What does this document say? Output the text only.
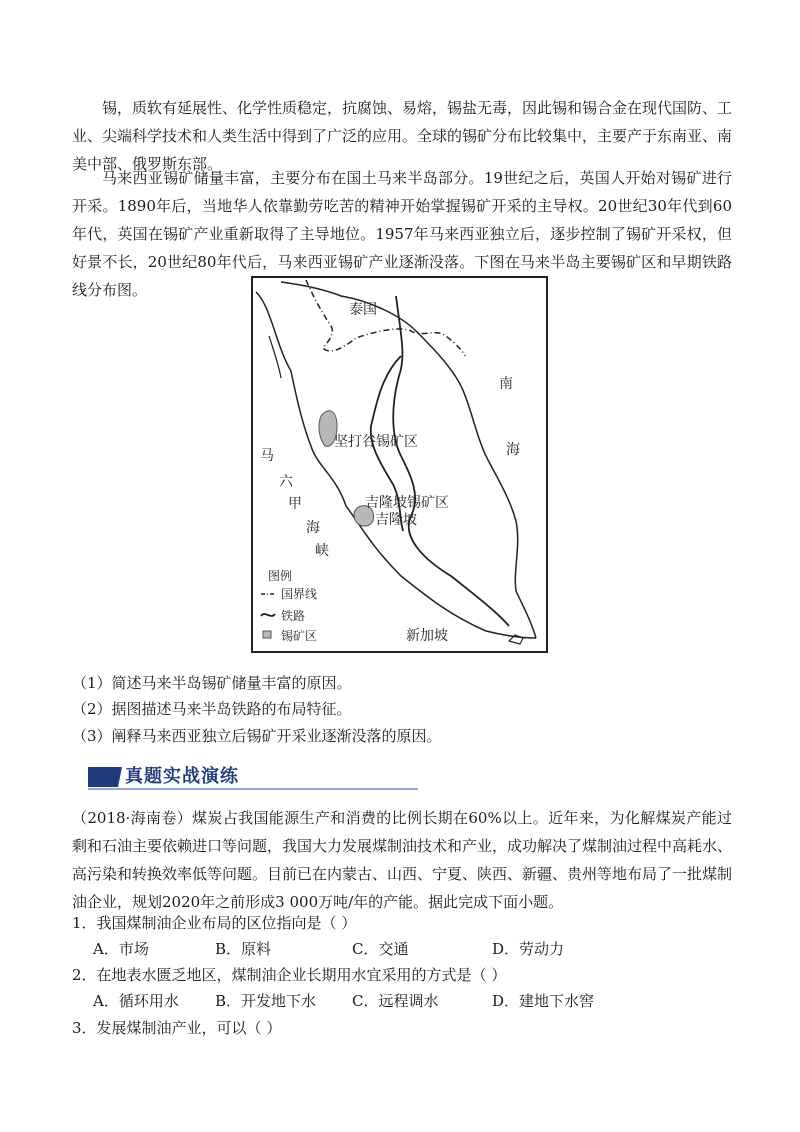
锡，质软有延展性、化学性质稳定，抗腐蚀、易熔，锡盐无毒，因此锡和锡合金在现代国防、工业、尖端科学技术和人类生活中得到了广泛的应用。全球的锡矿分布比较集中，主要产于东南亚、南美中部、俄罗斯东部。

马来西亚锡矿储量丰富，主要分布在国土马来半岛部分。19世纪之后，英国人开始对锡矿进行开采。1890年后，当地华人依靠勤劳吃苦的精神开始掌握锡矿开采的主导权。20世纪30年代到60年代，英国在锡矿产业重新取得了主导地位。1957年马来西亚独立后，逐步控制了锡矿开采权，但好景不长，20世纪80年代后，马来西亚锡矿产业逐渐没落。下图在马来半岛主要锡矿区和早期铁路线分布图。

泰国
南
海
坚打谷锡矿区
吉隆坡锡矿区
吉隆坡
马
六
甲
海
峡
新加坡
图例
国界线
铁路
锡矿区
（1）简述马来半岛锡矿储量丰富的原因。
（2）据图描述马来半岛铁路的布局特征。
（3）阐释马来西亚独立后锡矿开采业逐渐没落的原因。
真题实战演练

（2018·海南卷）煤炭占我国能源生产和消费的比例长期在60%以上。近年来，为化解煤炭产能过剩和石油主要依赖进口等问题，我国大力发展煤制油技术和产业，成功解决了煤制油过程中高耗水、高污染和转换效率低等问题。目前已在内蒙古、山西、宁夏、陕西、新疆、贵州等地布局了一批煤制油企业，规划2020年之前形成3 000万吨/年的产能。据此完成下面小题。

1．我国煤制油企业布局的区位指向是（ ）
A．市场	B．原料	C．交通	D．劳动力
2．在地表水匮乏地区，煤制油企业长期用水宜采用的方式是（ ）
A．循环用水 B．开发地下水 C．远程调水	D．建地下水窖
3．发展煤制油产业，可以（ ）
